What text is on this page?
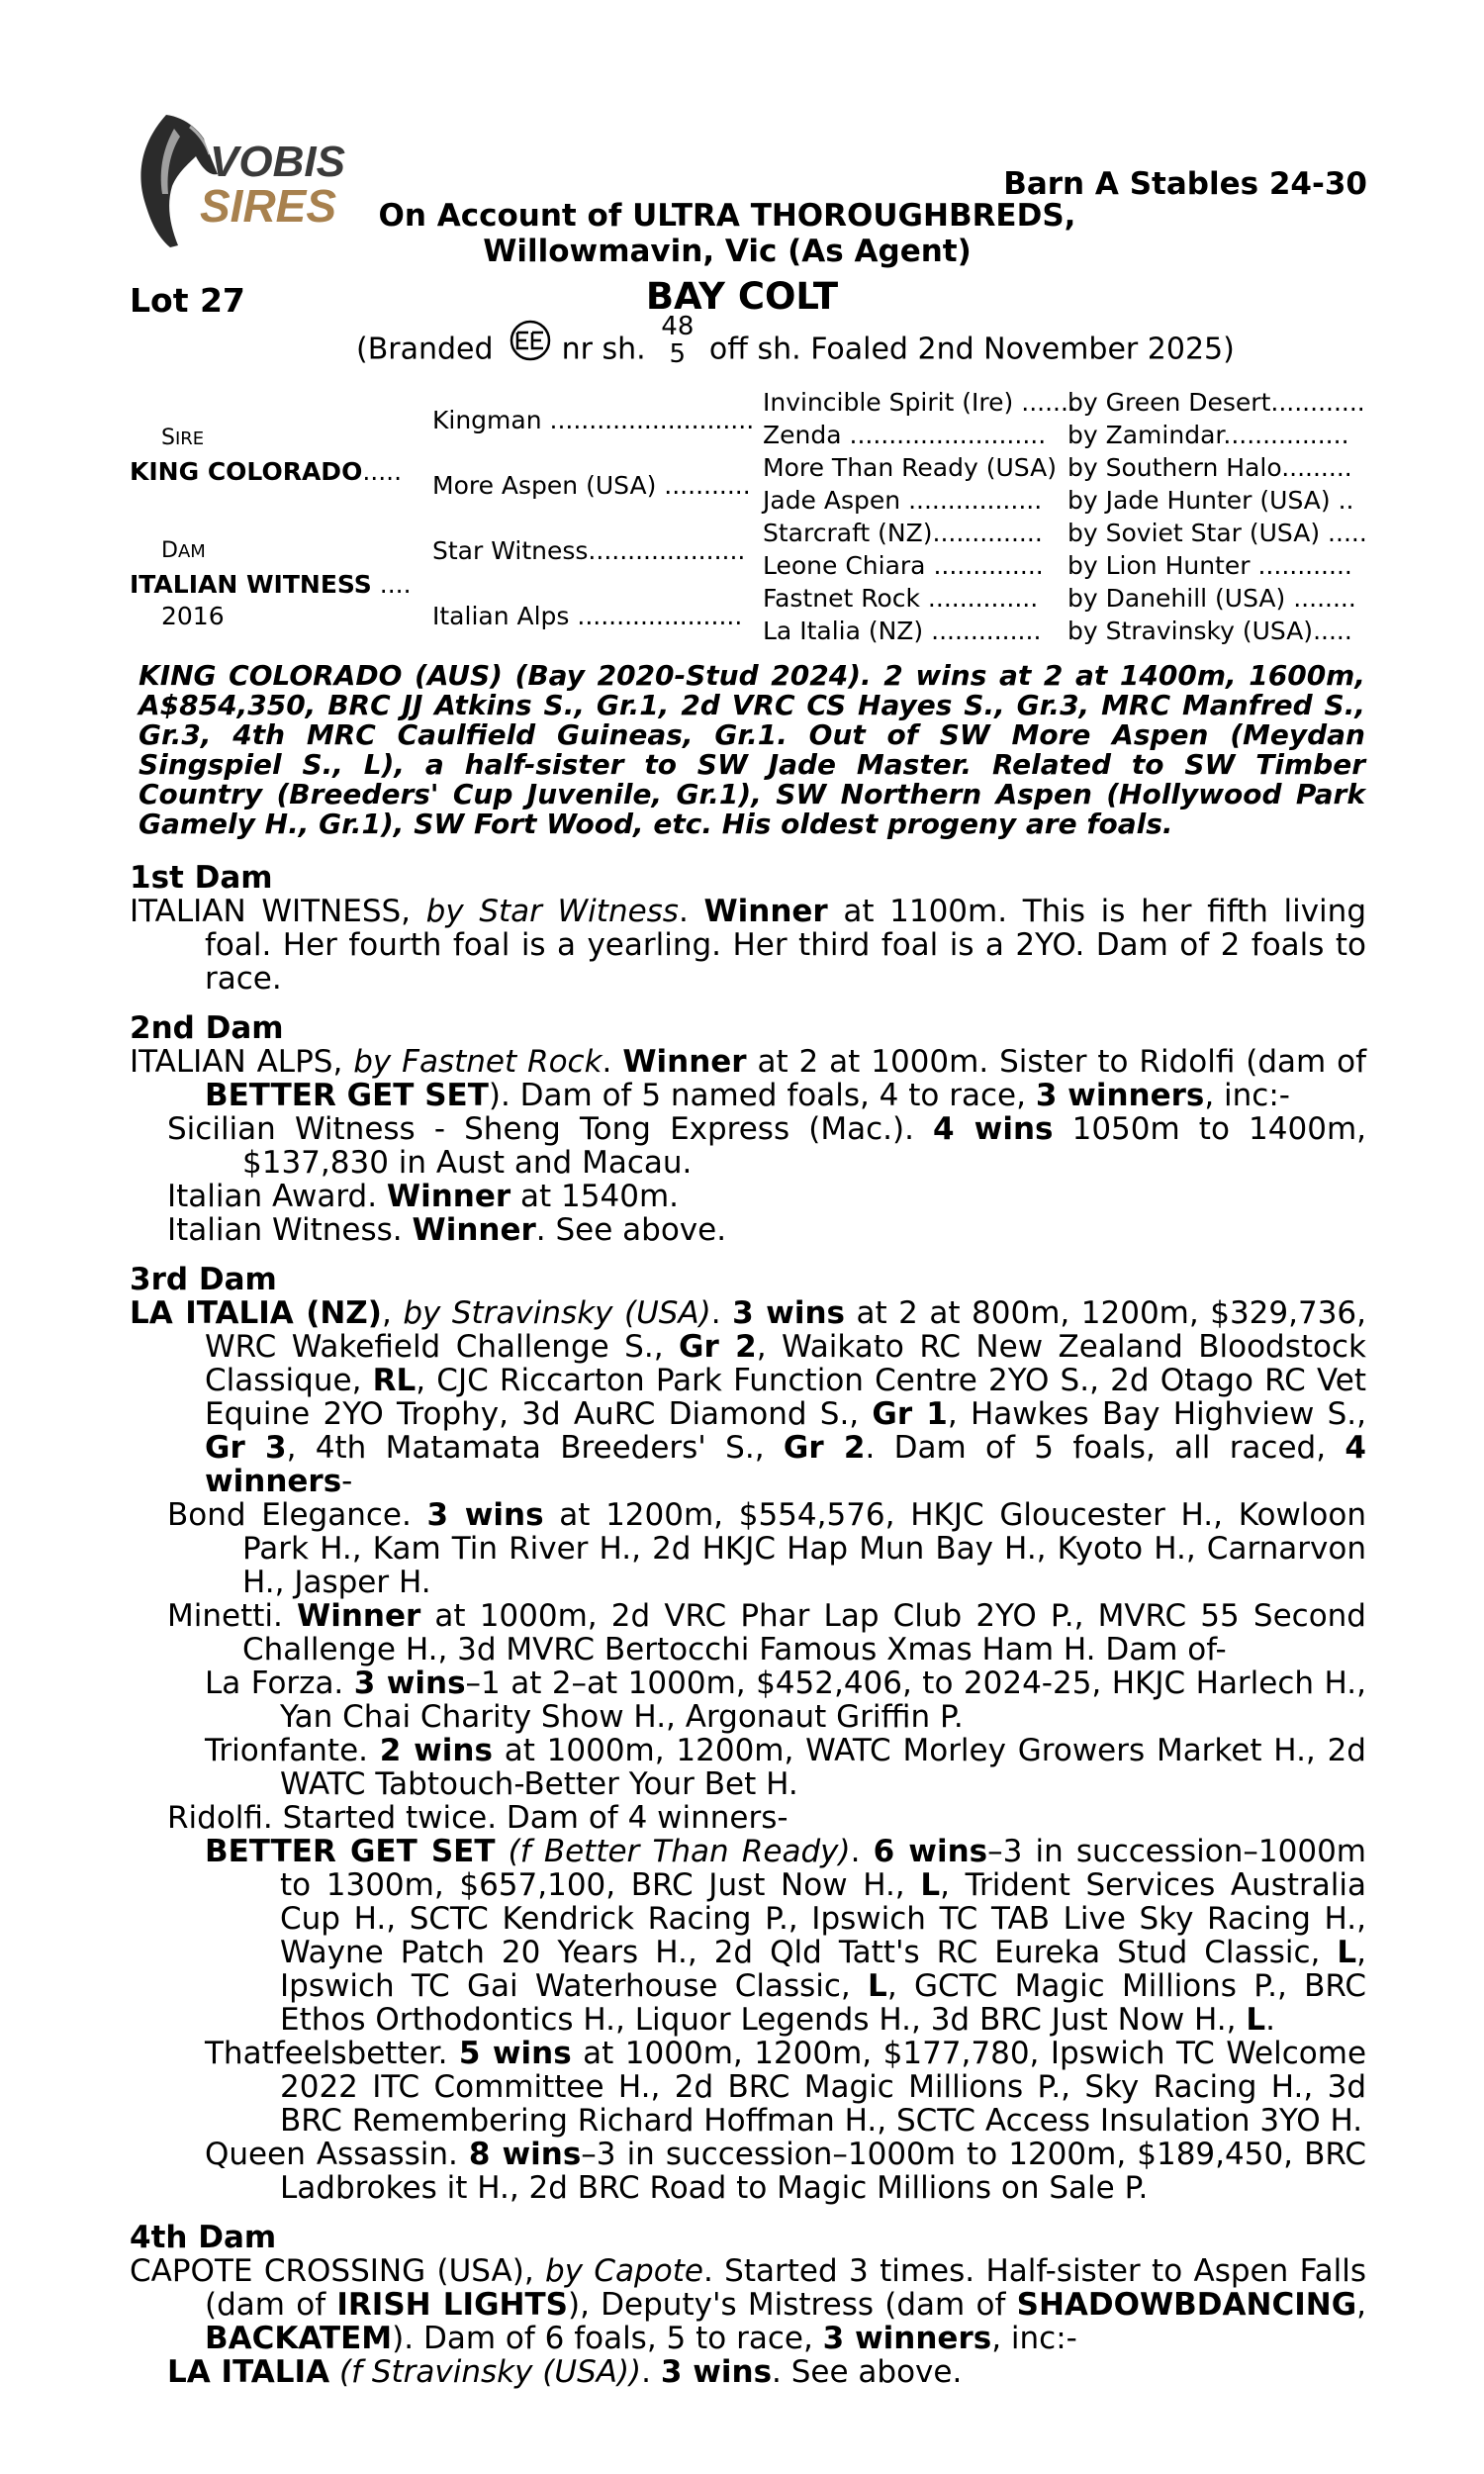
VOBIS
SIRES	Barn A Stables 24-30
On Account of ULTRA THOROUGHBREDS,
Willowmavin, Vic (As Agent)
Lot 27	BAY COLT
(Branded nr sh.
48
5 off sh. Foaled 2nd November 2025)
SIRE
KING COLORADO.....
DAM
ITALIAN WITNESS ....
2016
Kingman ..........................
More Aspen (USA) ...........
Star Witness....................
Italian Alps .....................
Invincible Spirit (Ire) .......
Zenda .........................
More Than Ready (USA)
Jade Aspen .................
Starcraft (NZ)..............
Leone Chiara ..............
Fastnet Rock ..............
La Italia (NZ) ..............
by Green Desert............
by Zamindar................
by Southern Halo.........
by Jade Hunter (USA) ..
by Soviet Star (USA) .....
by Lion Hunter ............
by Danehill (USA) ........
by Stravinsky (USA).....
KING COLORADO (AUS) (Bay 2020-Stud 2024). 2 wins at 2 at 1400m, 1600m, A$854,350, BRC JJ Atkins S., Gr.1, 2d VRC CS Hayes S., Gr.3, MRC Manfred S., Gr.3, 4th MRC Caulfield Guineas, Gr.1. Out of SW More Aspen (Meydan Singspiel S., L), a half-sister to SW Jade Master. Related to SW Timber Country (Breeders' Cup Juvenile, Gr.1), SW Northern Aspen (Hollywood Park Gamely H., Gr.1), SW Fort Wood, etc. His oldest progeny are foals.
1st Dam
ITALIAN WITNESS, by Star Witness. Winner at 1100m. This is her fifth living foal. Her fourth foal is a yearling. Her third foal is a 2YO. Dam of 2 foals to race.
2nd Dam
ITALIAN ALPS, by Fastnet Rock. Winner at 2 at 1000m. Sister to Ridolfi (dam of BETTER GET SET). Dam of 5 named foals, 4 to race, 3 winners, inc:-
Sicilian Witness - Sheng Tong Express (Mac.). 4 wins 1050m to 1400m, $137,830 in Aust and Macau.
Italian Award. Winner at 1540m.
Italian Witness. Winner. See above.
3rd Dam
LA ITALIA (NZ), by Stravinsky (USA). 3 wins at 2 at 800m, 1200m, $329,736, WRC Wakefield Challenge S., Gr 2, Waikato RC New Zealand Bloodstock Classique, RL, CJC Riccarton Park Function Centre 2YO S., 2d Otago RC Vet Equine 2YO Trophy, 3d AuRC Diamond S., Gr 1, Hawkes Bay Highview S., Gr 3, 4th Matamata Breeders' S., Gr 2. Dam of 5 foals, all raced, 4 winners-
Bond Elegance. 3 wins at 1200m, $554,576, HKJC Gloucester H., Kowloon Park H., Kam Tin River H., 2d HKJC Hap Mun Bay H., Kyoto H., Carnarvon H., Jasper H.
Minetti. Winner at 1000m, 2d VRC Phar Lap Club 2YO P., MVRC 55 Second Challenge H., 3d MVRC Bertocchi Famous Xmas Ham H. Dam of-
La Forza. 3 wins–1 at 2–at 1000m, $452,406, to 2024-25, HKJC Harlech H., Yan Chai Charity Show H., Argonaut Griffin P.
Trionfante. 2 wins at 1000m, 1200m, WATC Morley Growers Market H., 2d WATC Tabtouch-Better Your Bet H.
Ridolfi. Started twice. Dam of 4 winners-
BETTER GET SET (f Better Than Ready). 6 wins–3 in succession–1000m to 1300m, $657,100, BRC Just Now H., L, Trident Services Australia Cup H., SCTC Kendrick Racing P., Ipswich TC TAB Live Sky Racing H., Wayne Patch 20 Years H., 2d Qld Tatt's RC Eureka Stud Classic, L, Ipswich TC Gai Waterhouse Classic, L, GCTC Magic Millions P., BRC Ethos Orthodontics H., Liquor Legends H., 3d BRC Just Now H., L.
Thatfeelsbetter. 5 wins at 1000m, 1200m, $177,780, Ipswich TC Welcome 2022 ITC Committee H., 2d BRC Magic Millions P., Sky Racing H., 3d BRC Remembering Richard Hoffman H., SCTC Access Insulation 3YO H.
Queen Assassin. 8 wins–3 in succession–1000m to 1200m, $189,450, BRC Ladbrokes it H., 2d BRC Road to Magic Millions on Sale P.
4th Dam
CAPOTE CROSSING (USA), by Capote. Started 3 times. Half-sister to Aspen Falls (dam of IRISH LIGHTS), Deputy's Mistress (dam of SHADOWBDANCING, BACKATEM). Dam of 6 foals, 5 to race, 3 winners, inc:-
LA ITALIA (f Stravinsky (USA)). 3 wins. See above.
